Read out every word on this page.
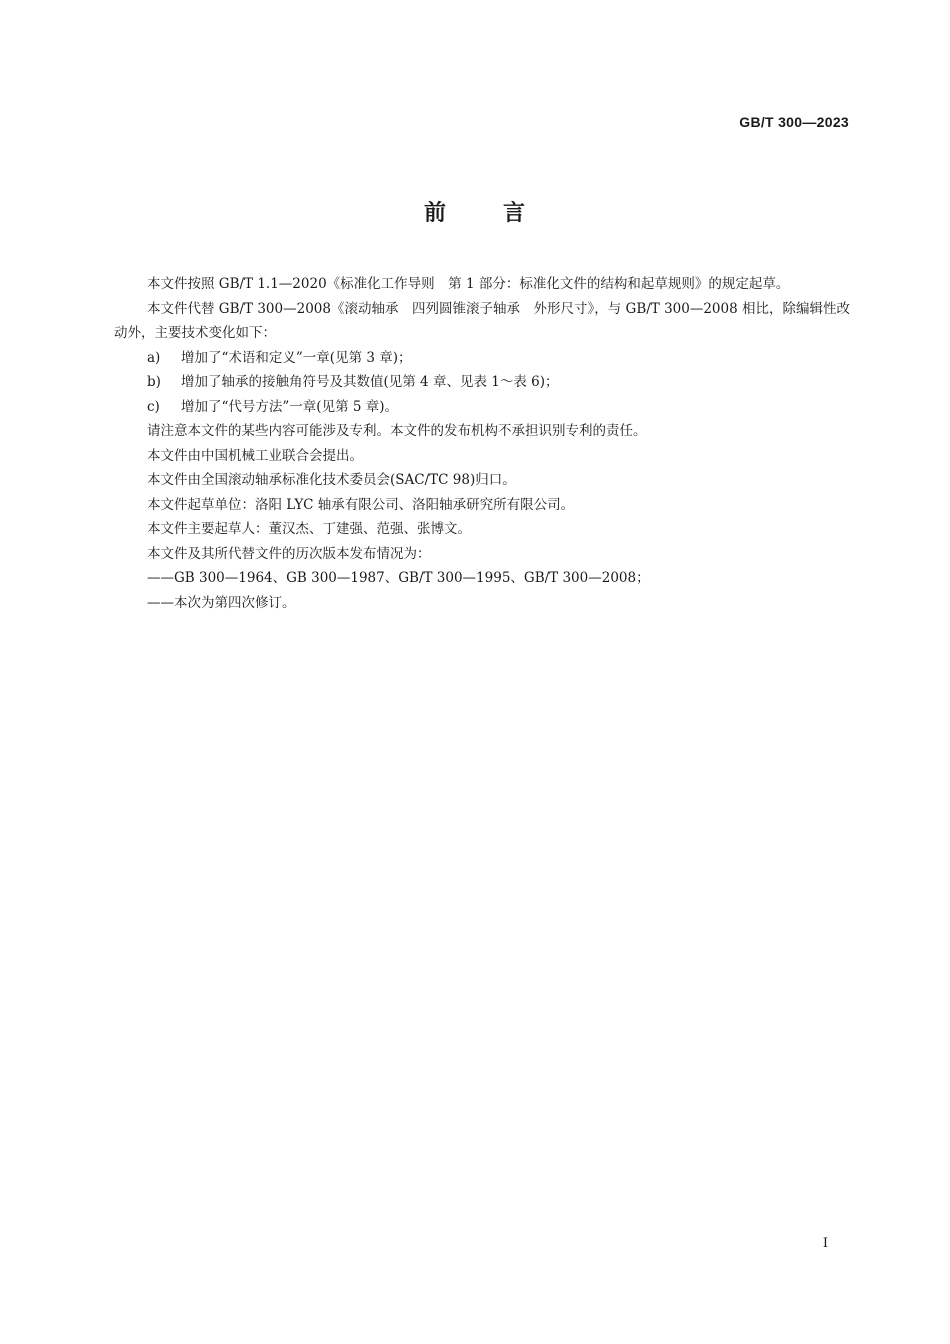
GB/T 300—2023
前	言

本文件按照 GB/T 1.1—2020《标准化工作导则　第 1 部分：标准化文件的结构和起草规则》的规定起草。

本文件代替 GB/T 300—2008《滚动轴承　四列圆锥滚子轴承　外形尺寸》，与 GB/T 300—2008 相比，除编辑性改动外，主要技术变化如下：

a) 增加了“术语和定义”一章(见第 3 章)；

b) 增加了轴承的接触角符号及其数值(见第 4 章、见表 1～表 6)；

c) 增加了“代号方法”一章(见第 5 章)。

请注意本文件的某些内容可能涉及专利。本文件的发布机构不承担识别专利的责任。

本文件由中国机械工业联合会提出。

本文件由全国滚动轴承标准化技术委员会(SAC/TC 98)归口。

本文件起草单位：洛阳 LYC 轴承有限公司、洛阳轴承研究所有限公司。

本文件主要起草人：董汉杰、丁建强、范强、张博文。

本文件及其所代替文件的历次版本发布情况为：

——GB 300—1964、GB 300—1987、GB/T 300—1995、GB/T 300—2008；

——本次为第四次修订。

I
